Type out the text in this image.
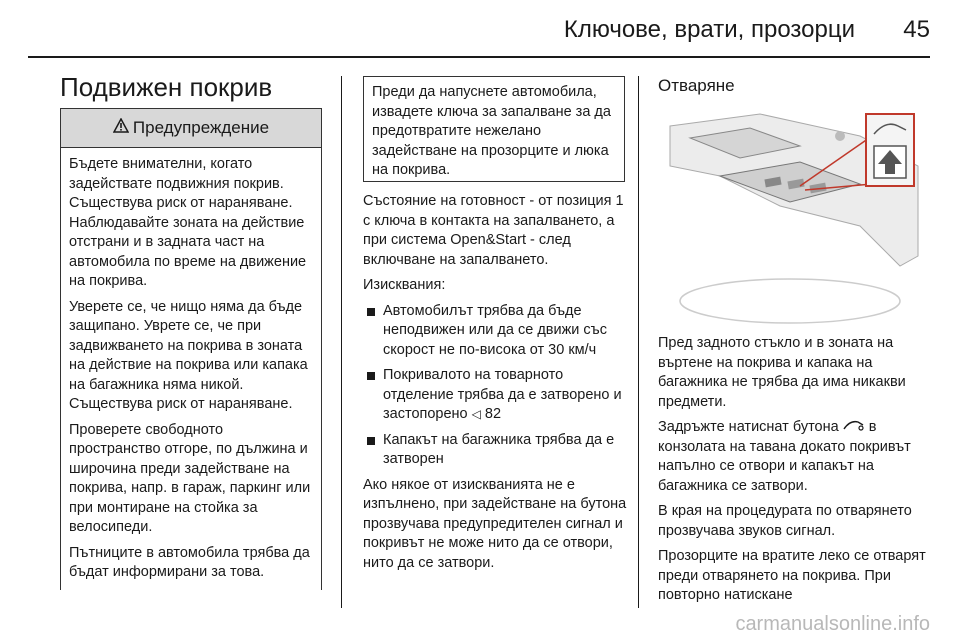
Ключове, врати, прозорци 45
Подвижен покрив
Предупреждение

Бъдете внимателни, когато задействате подвижния покрив. Съществува риск от нараняване. Наблюдавайте зоната на действие отстрани и в задната част на автомобила по време на движение на покрива.

Уверете се, че нищо няма да бъде защипано. Уврете се, че при задвижването на покрива в зоната на действие на покрива или капака на багажника няма никой. Съществува риск от нараняване.

Проверете свободното пространство отгоре, по дължина и широчина преди задействане на покрива, напр. в гараж, паркинг или при монтиране на стойка за велосипеди.

Пътниците в автомобила трябва да бъдат информирани за това.

Преди да напуснете автомобила, извадете ключа за запалване за да предотвратите нежелано задействане на прозорците и люка на покрива.

Състояние на готовност - от позиция 1 с ключа в контакта на запалването, а при система Open&Start - след включване на запалването.

Изисквания:

Автомобилът трябва да бъде неподвижен или да се движи със скорост не по-висока от 30 км/ч
Покривалото на товарното отделение трябва да е затворено и застопорено ◁ 82
Капакът на багажника трябва да е затворен

Ако някое от изискванията не е изпълнено, при задействане на бутона прозвучава предупредителен сигнал и покривът не може нито да се отвори, нито да се затвори.

Отваряне

Пред задното стъкло и в зоната на въртене на покрива и капака на багажника не трябва да има никакви предмети.

Задръжте натиснат бутона в конзолата на тавана докато покривът напълно се отвори и капакът на багажника се затвори.

В края на процедурата по отварянето прозвучава звуков сигнал.

Прозорците на вратите леко се отварят преди отварянето на покрива. При повторно натискане

carmanualsonline.info
